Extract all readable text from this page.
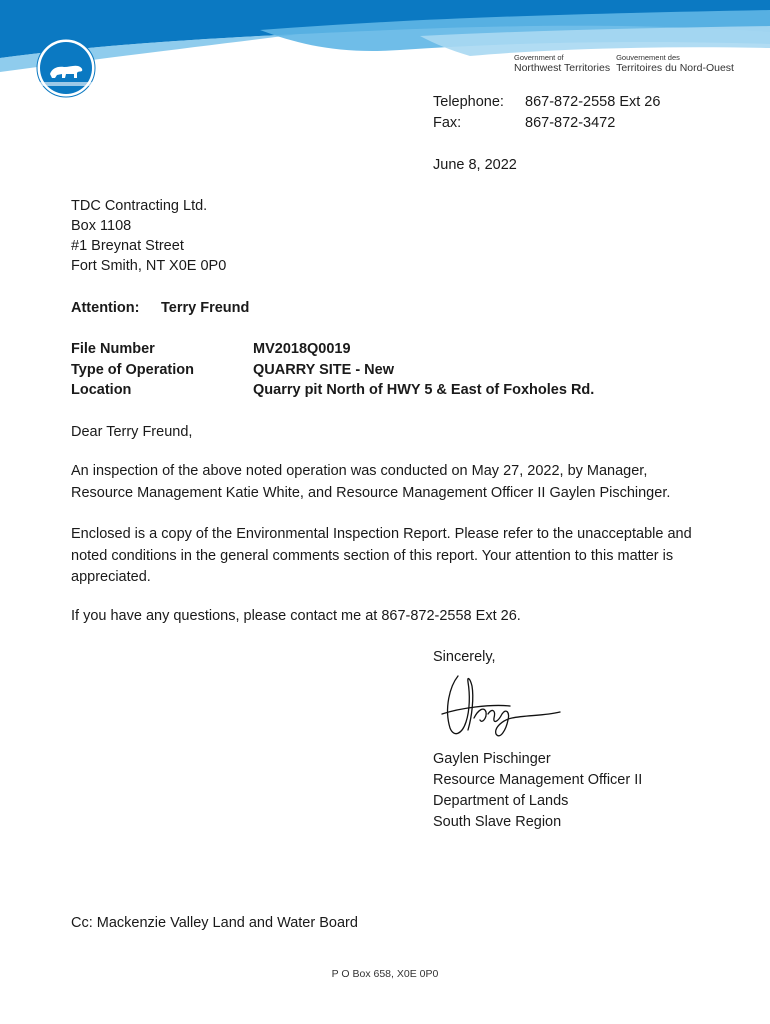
Government of
Northwest Territories
Gouvernement des
Territoires du Nord-Ouest
Telephone:	867-872-2558 Ext 26
Fax:	867-872-3472
June 8, 2022
TDC Contracting Ltd.
Box 1108
#1 Breynat Street
Fort Smith, NT X0E 0P0
Attention:	Terry Freund
File Number	MV2018Q0019
Type of Operation	QUARRY SITE - New
Location	Quarry pit North of HWY 5 & East of Foxholes Rd.
Dear Terry Freund,

An inspection of the above noted operation was conducted on May 27, 2022, by Manager, Resource Management Katie White, and Resource Management Officer II Gaylen Pischinger.

Enclosed is a copy of the Environmental Inspection Report. Please refer to the unacceptable and noted conditions in the general comments section of this report. Your attention to this matter is appreciated.

If you have any questions, please contact me at 867-872-2558 Ext 26.

Sincerely,
Gaylen Pischinger
Resource Management Officer II
Department of Lands
South Slave Region
Cc: Mackenzie Valley Land and Water Board
P O Box 658, X0E 0P0
